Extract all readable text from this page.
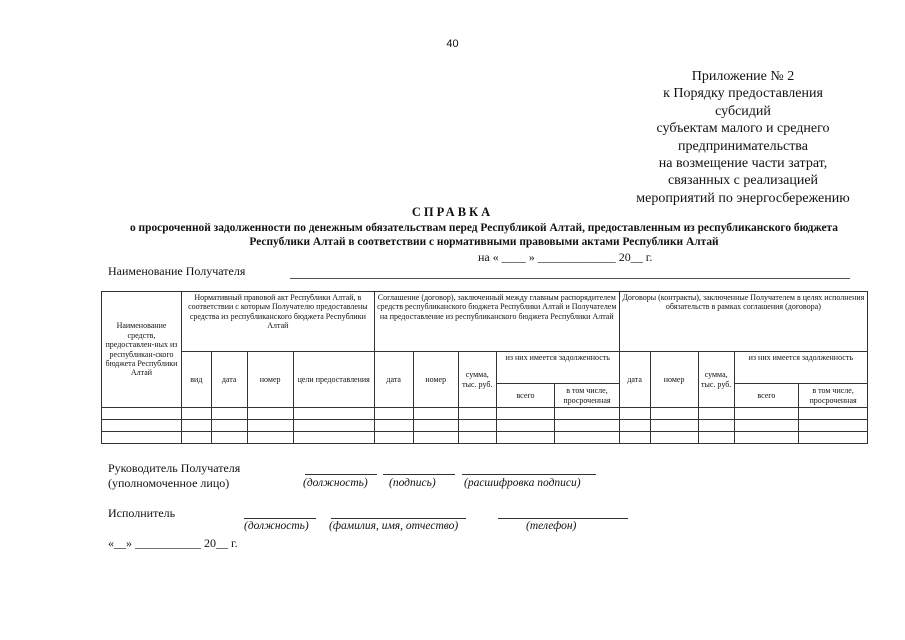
40
Приложение № 2
к Порядку предоставления
субсидий
субъектам малого и среднего
предпринимательства
на возмещение части затрат,
связанных с реализацией
мероприятий по энергосбережению
СПРАВКА
о просроченной задолженности по денежным обязательствам перед Республикой Алтай, предоставленным из республиканского бюджета Республики Алтай в соответствии с нормативными правовыми актами Республики Алтай
на « ____ » _____________ 20__ г.
Наименование Получателя
Наименование средств, предоставлен-ных из республикан-ского бюджета Республики Алтай	Нормативный правовой акт Республики Алтай, в соответствии с которым Получателю предоставлены средства из республиканского бюджета Республики Алтай				Соглашение (договор), заключенный между главным распорядителем средств республиканского бюджета Республики Алтай и Получателем на предоставление из республиканского бюджета Республики Алтай					Договоры (контракты), заключенные Получателем в целях исполнения обязательств в рамках соглашения (договора)				
	вид	дата	номер	цели предоставления	дата	номер	сумма, тыс. руб.	из них имеется задолженность		дата	номер	сумма, тыс. руб.	из них имеется задолженность	
								всего	в том числе, просроченная				всего	в том числе, просроченная

Руководитель Получателя
(уполномоченное лицо)	(должность) (подпись) (расшифровка подписи)
Исполнитель
(должность) (фамилия, имя, отчество)	(телефон)
«__» ___________ 20__ г.
